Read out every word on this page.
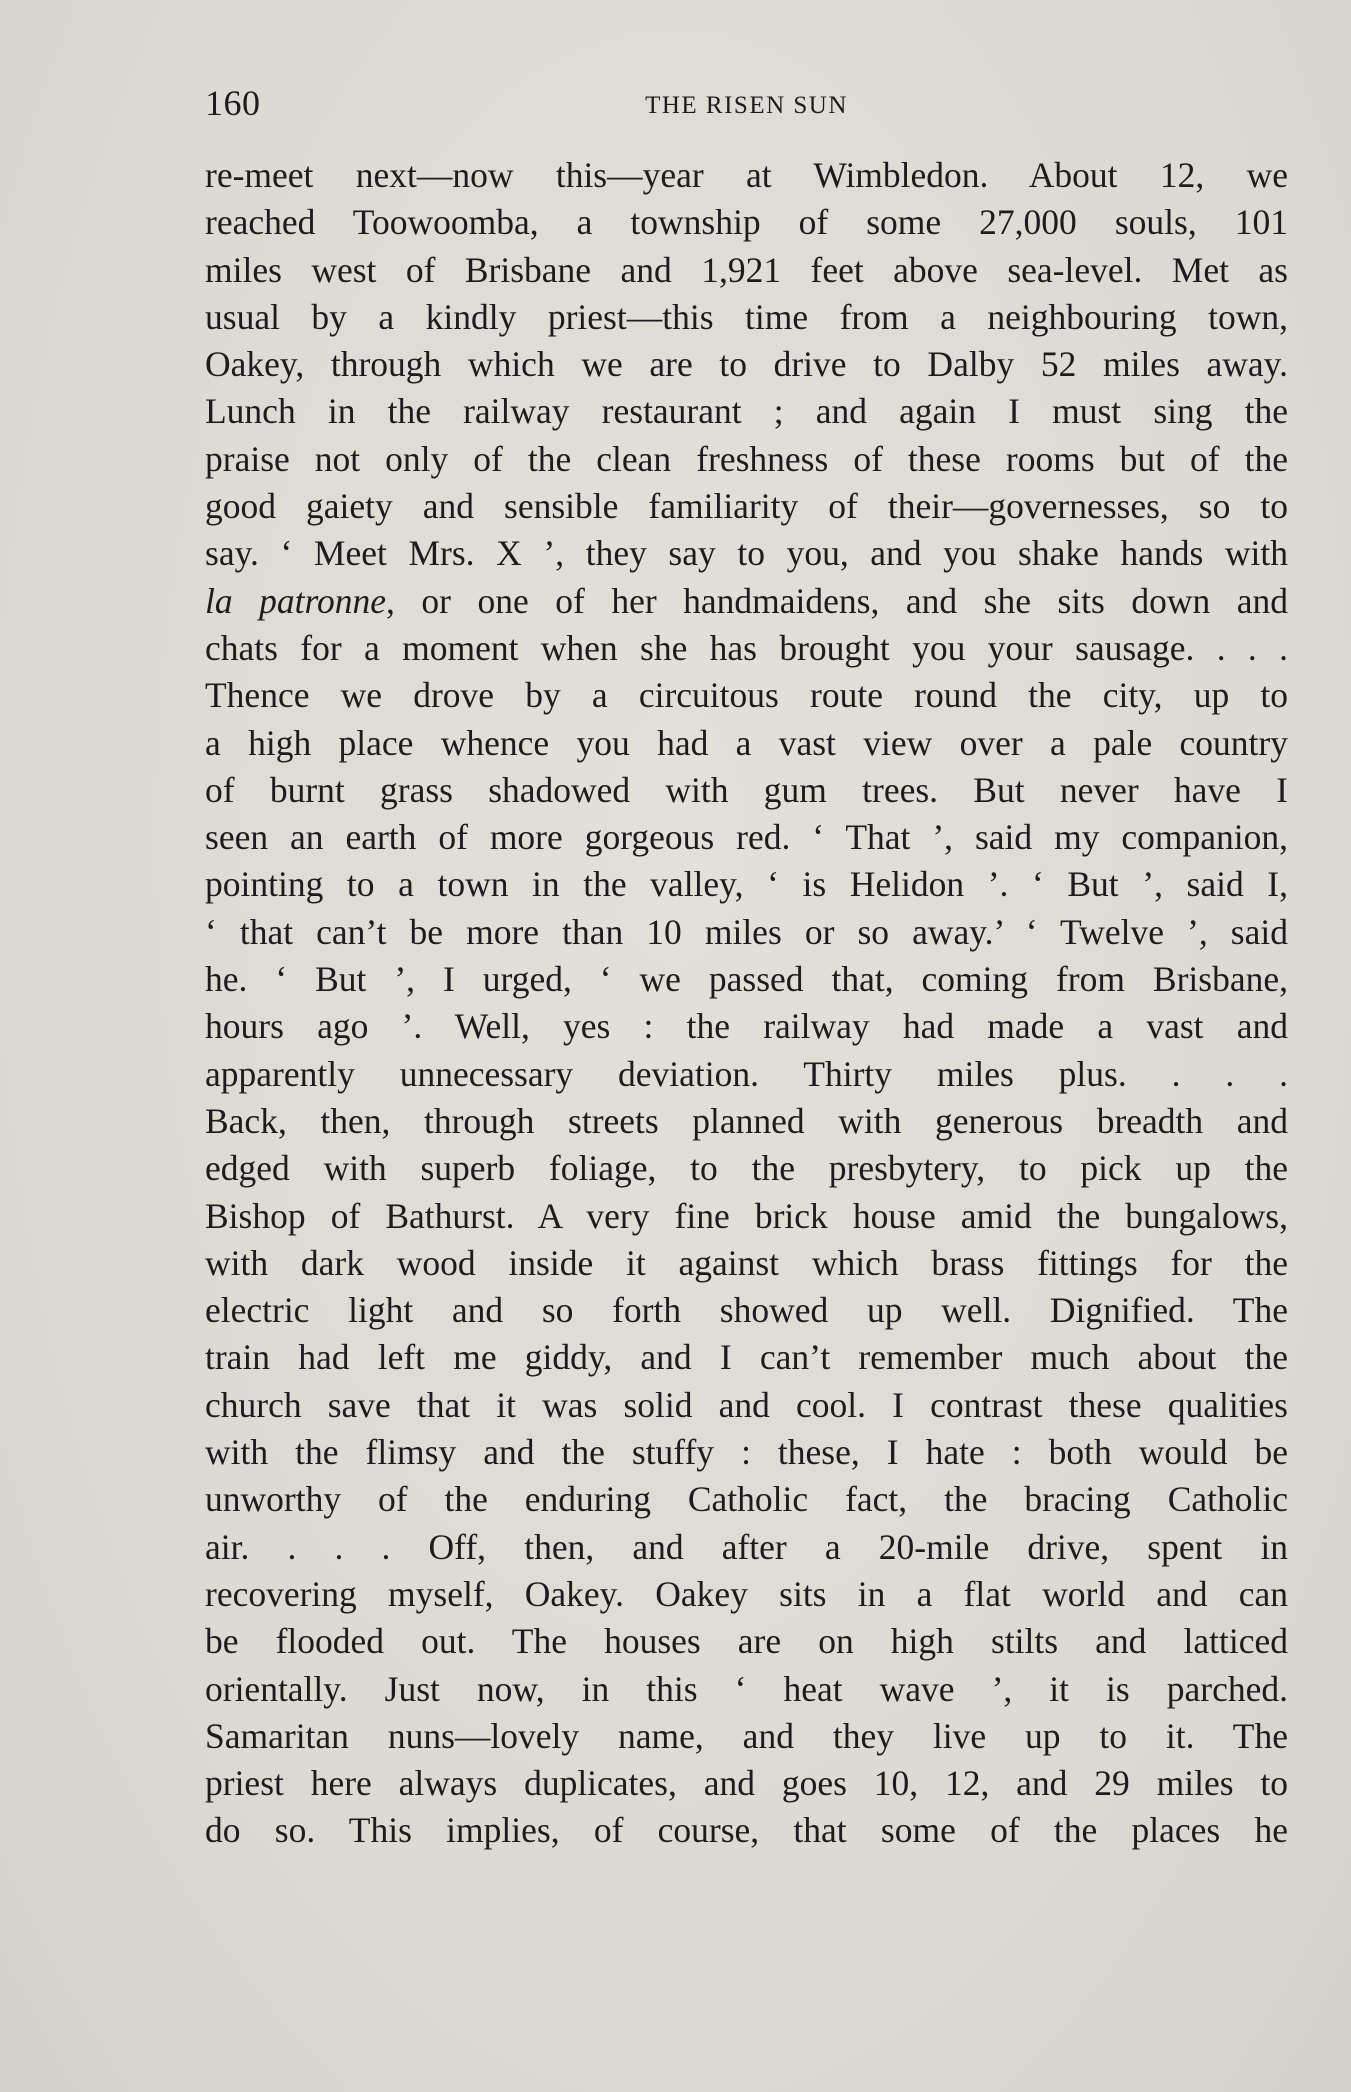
160	THE RISEN SUN
re-meet next—now this—year at Wimbledon. About 12, we
reached Toowoomba, a township of some 27,000 souls, 101
miles west of Brisbane and 1,921 feet above sea-level. Met as
usual by a kindly priest—this time from a neighbouring town,
Oakey, through which we are to drive to Dalby 52 miles away.
Lunch in the railway restaurant ; and again I must sing the
praise not only of the clean freshness of these rooms but of the
good gaiety and sensible familiarity of their—governesses, so to
say. ‘ Meet Mrs. X ’, they say to you, and you shake hands with
la patronne, or one of her handmaidens, and she sits down and
chats for a moment when she has brought you your sausage. . . .
Thence we drove by a circuitous route round the city, up to
a high place whence you had a vast view over a pale country
of burnt grass shadowed with gum trees. But never have I
seen an earth of more gorgeous red. ‘ That ’, said my companion,
pointing to a town in the valley, ‘ is Helidon ’. ‘ But ’, said I,
‘ that can’t be more than 10 miles or so away.’ ‘ Twelve ’, said
he. ‘ But ’, I urged, ‘ we passed that, coming from Brisbane,
hours ago ’. Well, yes : the railway had made a vast and
apparently unnecessary deviation. Thirty miles plus. . . .
Back, then, through streets planned with generous breadth and
edged with superb foliage, to the presbytery, to pick up the
Bishop of Bathurst. A very fine brick house amid the bungalows,
with dark wood inside it against which brass fittings for the
electric light and so forth showed up well. Dignified. The
train had left me giddy, and I can’t remember much about the
church save that it was solid and cool. I contrast these qualities
with the flimsy and the stuffy : these, I hate : both would be
unworthy of the enduring Catholic fact, the bracing Catholic
air. . . . Off, then, and after a 20-mile drive, spent in
recovering myself, Oakey. Oakey sits in a flat world and can
be flooded out. The houses are on high stilts and latticed
orientally. Just now, in this ‘ heat wave ’, it is parched.
Samaritan nuns—lovely name, and they live up to it. The
priest here always duplicates, and goes 10, 12, and 29 miles to
do so. This implies, of course, that some of the places he
